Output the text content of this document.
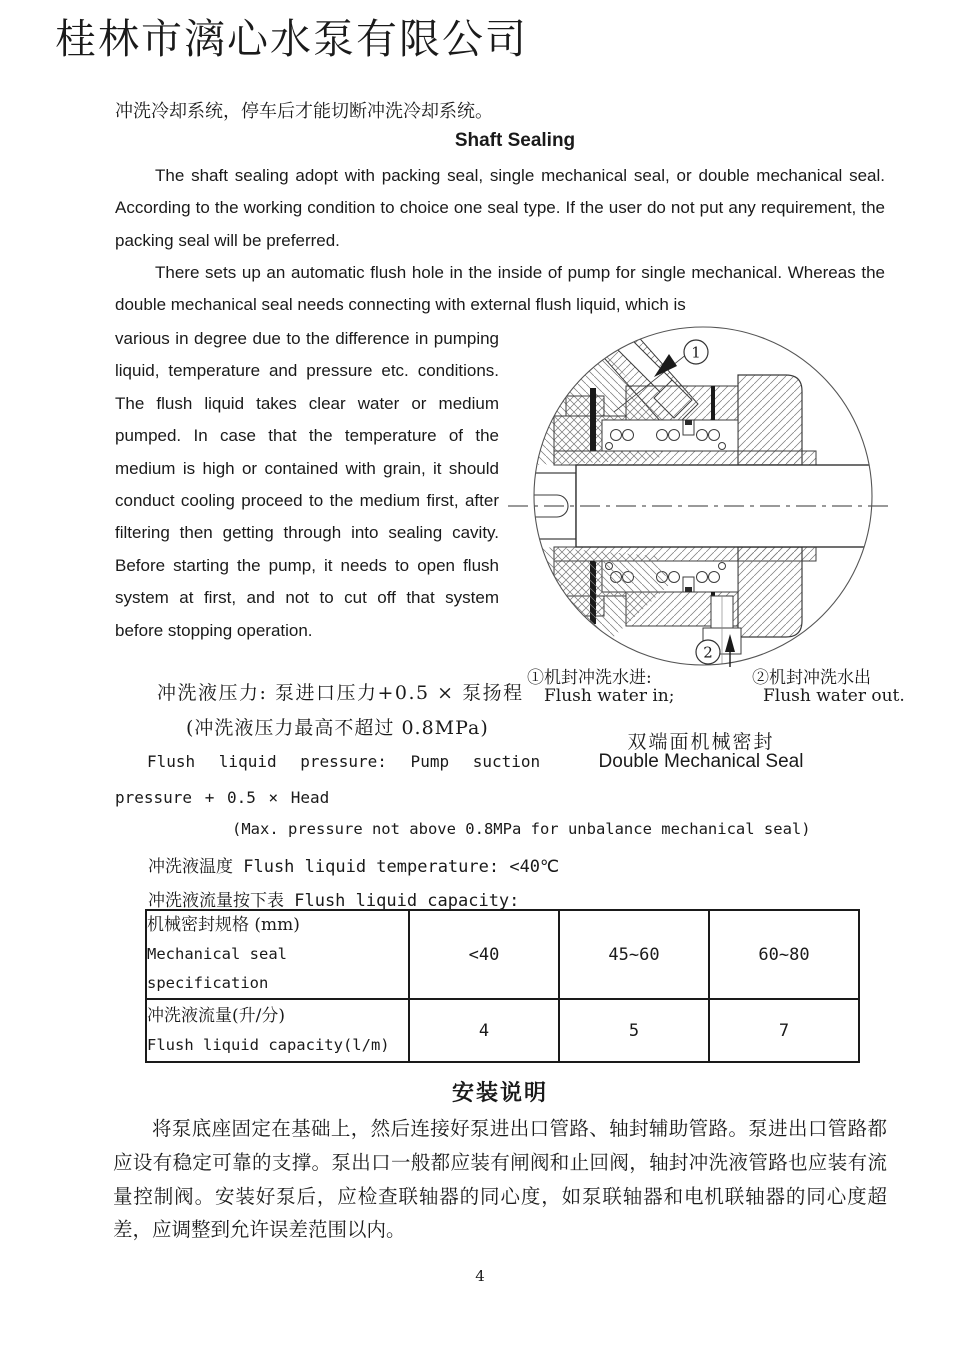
桂林市漓心水泵有限公司
冲洗冷却系统，停车后才能切断冲洗冷却系统。
Shaft Sealing
The shaft sealing adopt with packing seal, single mechanical seal, or double mechanical seal. According to the working condition to choice one seal type. If the user do not put any requirement, the packing seal will be preferred.
There sets up an automatic flush hole in the inside of pump for single mechanical. Whereas the double mechanical seal needs connecting with external flush liquid, which is
various in degree due to the difference in pumping liquid, temperature and pressure etc. conditions. The flush liquid takes clear water or medium pumped. In case that the temperature of the medium is high or contained with grain, it should conduct cooling proceed to the medium first, after filtering then getting through into sealing cavity. Before starting the pump, it needs to open flush system at first, and not to cut off that system before stopping operation.
1
2
①机封冲洗水进:
Flush water in;
②机封冲洗水出
Flush water out.
双端面机械密封
Double Mechanical Seal
冲洗液压力: 泵进口压力+0.5 × 泵扬程
(冲洗液压力最高不超过 0.8MPa)
Flush liquid pressure: Pump suction
pressure + 0.5 × Head
(Max. pressure not above 0.8MPa for unbalance mechanical seal)
冲洗液温度 Flush liquid temperature: <40℃
冲洗液流量按下表 Flush liquid capacity:
机械密封规格 (mm)
Mechanical seal specification	<40	45~60	60~80

冲洗液流量(升/分)
Flush liquid capacity(l/m)	4	5	7
安装说明
将泵底座固定在基础上，然后连接好泵进出口管路、轴封辅助管路。泵进出口管路都应设有稳定可靠的支撑。泵出口一般都应装有闸阀和止回阀，轴封冲洗液管路也应装有流量控制阀。安装好泵后，应检查联轴器的同心度，如泵联轴器和电机联轴器的同心度超差，应调整到允许误差范围以内。
4
